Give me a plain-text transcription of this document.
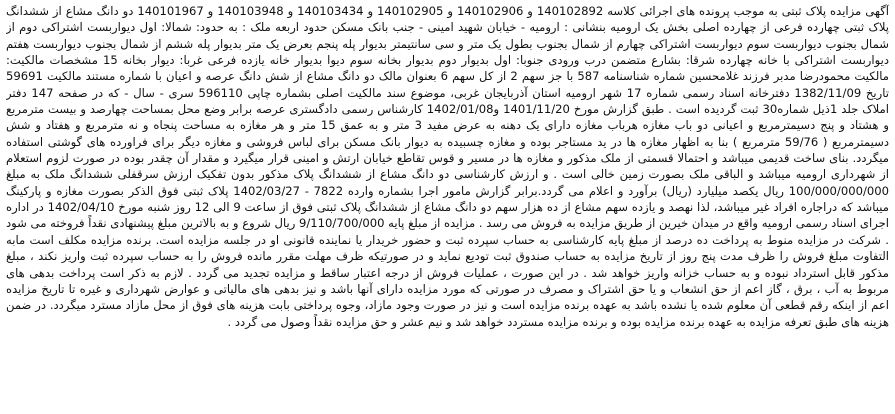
آگهی مزایده پلاک ثبتی به موجب پرونده های اجرائی کلاسه 140102892 و 140102906 و 140102905 و 140103434 و 140103948 و 140101967 دو دانگ مشاع از ششدانگ پلاک ثبتی چهارده فرعی از چهارده اصلی بخش یک ارومیه بنشانی : ارومیه - خیابان شهید امینی - جنب بانک مسکن حدود اربعه ملک : به حدود: شمالا: اول دیواربست اشتراکی دوم از شمال بجنوب دیواربست سوم دیواربست اشتراکی چهارم از شمال بجنوب بطول یک متر و سی سانتیمتر بدیوار پله پنجم بعرض یک متر بدیوار پله ششم از شمال بجنوب دیواربست هفتم دیواربست اشتراکی با خانه چهارده شرقا: بشارع متضمن درب ورودی جنوبا: اول بدیوار دوم بدیوار بخانه سوم دیوا بدیوار خانه یازده فرعی غربا: دیوار بخانه 15 مشخصات مالکیت: مالکیت محمودرضا مدبر فرزند غلامحسین شماره شناسنامه 587 با جز سهم 2 از کل سهم 6 بعنوان مالک دو دانگ مشاع از شش دانگ عرصه و اعیان با شماره مستند مالکیت 59691 تاریخ 1382/11/09 دفترخانه اسناد رسمی شماره 17 شهر ارومیه استان آذربایجان غربی، موضوع سند مالکیت اصلی بشماره چاپی 596110 سری - سال - که در صفحه 147 دفتر املاک جلد 1ذیل شماره30 ثبت گردیده است . طبق گزارش مورخ 1401/11/20 و1402/01/08 کارشناس رسمی دادگستری عرصه برابر وضع محل بمساحت چهارصد و بیست مترمربع و هشتاد و پنج دسیمترمربع و اعیانی دو باب مغازه هرباب مغازه دارای یک دهنه به عرض مفید 3 متر و به عمق 15 متر و هر مغازه به مساحت پنجاه و نه مترمربع و هفتاد و شش دسیمترمربع ( 59/76 مترمربع ) بنا به اظهار مغازه ها در ید مستاجر بوده و مغازه چسبیده به دیوار بانک مسکن برای لباس فروشی و مغازه دیگر برای فراورده های گوشتی استفاده میگردد. بنای ساخت قدیمی میباشد و احتمالا قسمتی از ملک مذکور و مغازه ها در مسیر و قوس تقاطع خیابان ارتش و امینی قرار میگیرد و مقدار آن چقدر بوده در صورت لزوم استعلام از شهرداری ارومیه میباشد و الباقی ملک بصورت زمین خالی است . و ارزش کارشناسی دو دانگ مشاع از ششدانگ پلاک مذکور بدون تفکیک ارزش سرقفلی ششدانگ ملک به مبلغ 100/000/000/000 ریال یکصد میلیارد (ریال) برآورد و اعلام می گردد.برابر گزارش مامور اجرا بشماره وارده 7822 - 1402/03/27 پلاک ثبتی فوق الذکر بصورت مغازه و پارکینگ میباشد که دراجاره افراد غیر میباشد، لذا نهصد و یازده سهم مشاع از ده هزار سهم دو دانگ مشاع از ششدانگ پلاک ثبتی فوق از ساعت 9 الی 12 روز شنبه مورخ 1402/04/10 در اداره اجرای اسناد رسمی ارومیه واقع در میدان خیرین از طریق مزایده به فروش می رسد . مزایده از مبلغ پایه 9/110/700/000 ریال شروع و به بالاترین مبلغ پیشنهادی نقداً فروخته می شود . شرکت در مزایده منوط به پرداخت ده درصد از مبلغ پایه کارشناسی به حساب سپرده ثبت و حضور خریدار یا نماینده قانونی او در جلسه مزایده است. برنده مزایده مکلف است مابه التفاوت مبلغ فروش را ظرف مدت پنج روز از تاریخ مزایده به حساب صندوق ثبت تودیع نماید و در صورتیکه ظرف مهلت مقرر مانده فروش را به حساب سپرده ثبت واریز نکند ، مبلغ مذکور قابل استرداد نبوده و به حساب خزانه واریز خواهد شد . در این صورت ، عملیات فروش از درجه اعتبار ساقط و مزایده تجدید می گردد . لازم به ذکر است پرداخت بدهی های مربوط به آب ، برق ، گاز اعم از حق انشعاب و یا حق اشتراک و مصرف در صورتی که مورد مزایده دارای آنها باشد و نیز بدهی های مالیاتی و عوارض شهرداری و غیره تا تاریخ مزایده اعم از اینکه رقم قطعی آن معلوم شده یا نشده باشد به عهده برنده مزایده است و نیز در صورت وجود مازاد، وجوه پرداختی بابت هزینه های فوق از محل مازاد مسترد میگردد. در ضمن هزینه های طبق تعرفه مزایده به عهده برنده مزایده بوده و برنده مزایده مستردد خواهد شد و نیم عشر و حق مزایده نقداً وصول می گردد .
